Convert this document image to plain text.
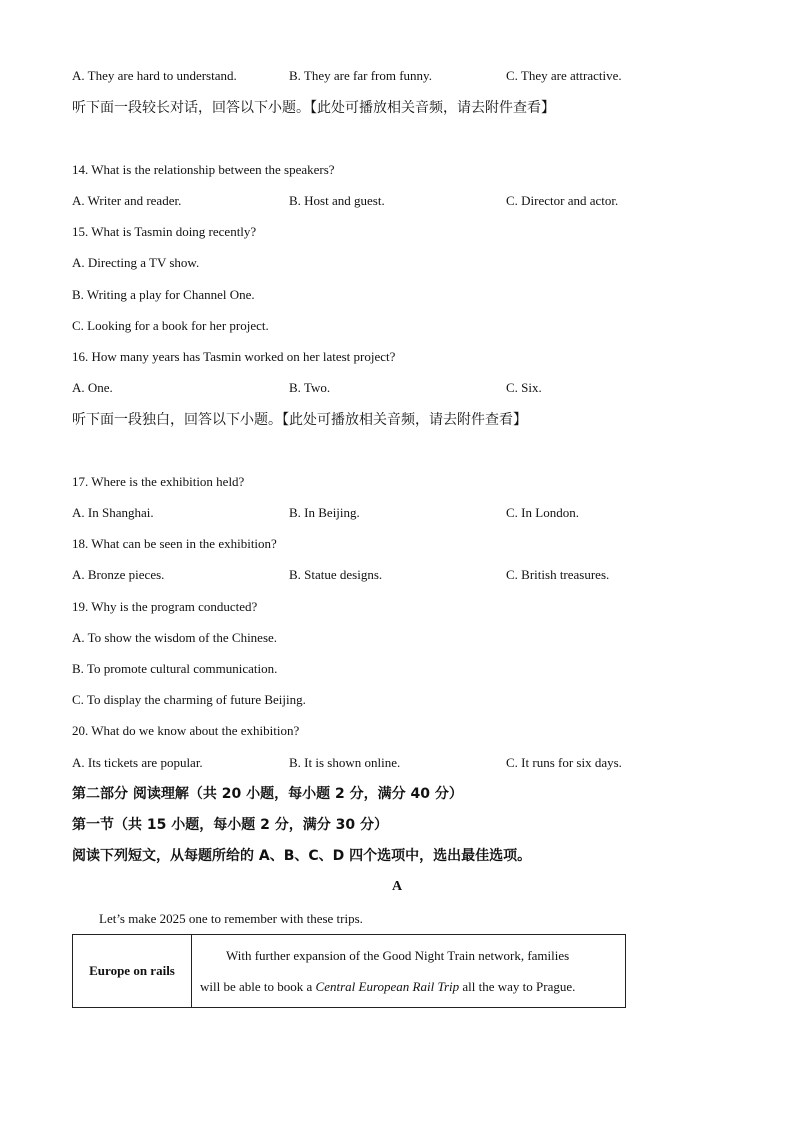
A. They are hard to understand.	B. They are far from funny.	C. They are attractive.
听下面一段较长对话，回答以下小题。【此处可播放相关音频，请去附件查看】
14. What is the relationship between the speakers?
A. Writer and reader.	B. Host and guest.	C. Director and actor.
15. What is Tasmin doing recently?
A. Directing a TV show.
B. Writing a play for Channel One.
C. Looking for a book for her project.
16. How many years has Tasmin worked on her latest project?
A. One.	B. Two.	C. Six.
听下面一段独白，回答以下小题。【此处可播放相关音频，请去附件查看】
17. Where is the exhibition held?
A. In Shanghai.	B. In Beijing.	C. In London.
18. What can be seen in the exhibition?
A. Bronze pieces.	B. Statue designs.	C. British treasures.
19. Why is the program conducted?
A. To show the wisdom of the Chinese.
B. To promote cultural communication.
C. To display the charming of future Beijing.
20. What do we know about the exhibition?
A. Its tickets are popular.	B. It is shown online.	C. It runs for six days.
第二部分 阅读理解（共 20 小题，每小题 2 分，满分 40 分）
第一节（共 15 小题，每小题 2 分，满分 30 分）
阅读下列短文，从每题所给的 A、B、C、D 四个选项中，选出最佳选项。
A
Let’s make 2025 one to remember with these trips.
Europe on rails	
With further expansion of the Good Night Train network, families
will be able to book a Central European Rail Trip all the way to Prague.
